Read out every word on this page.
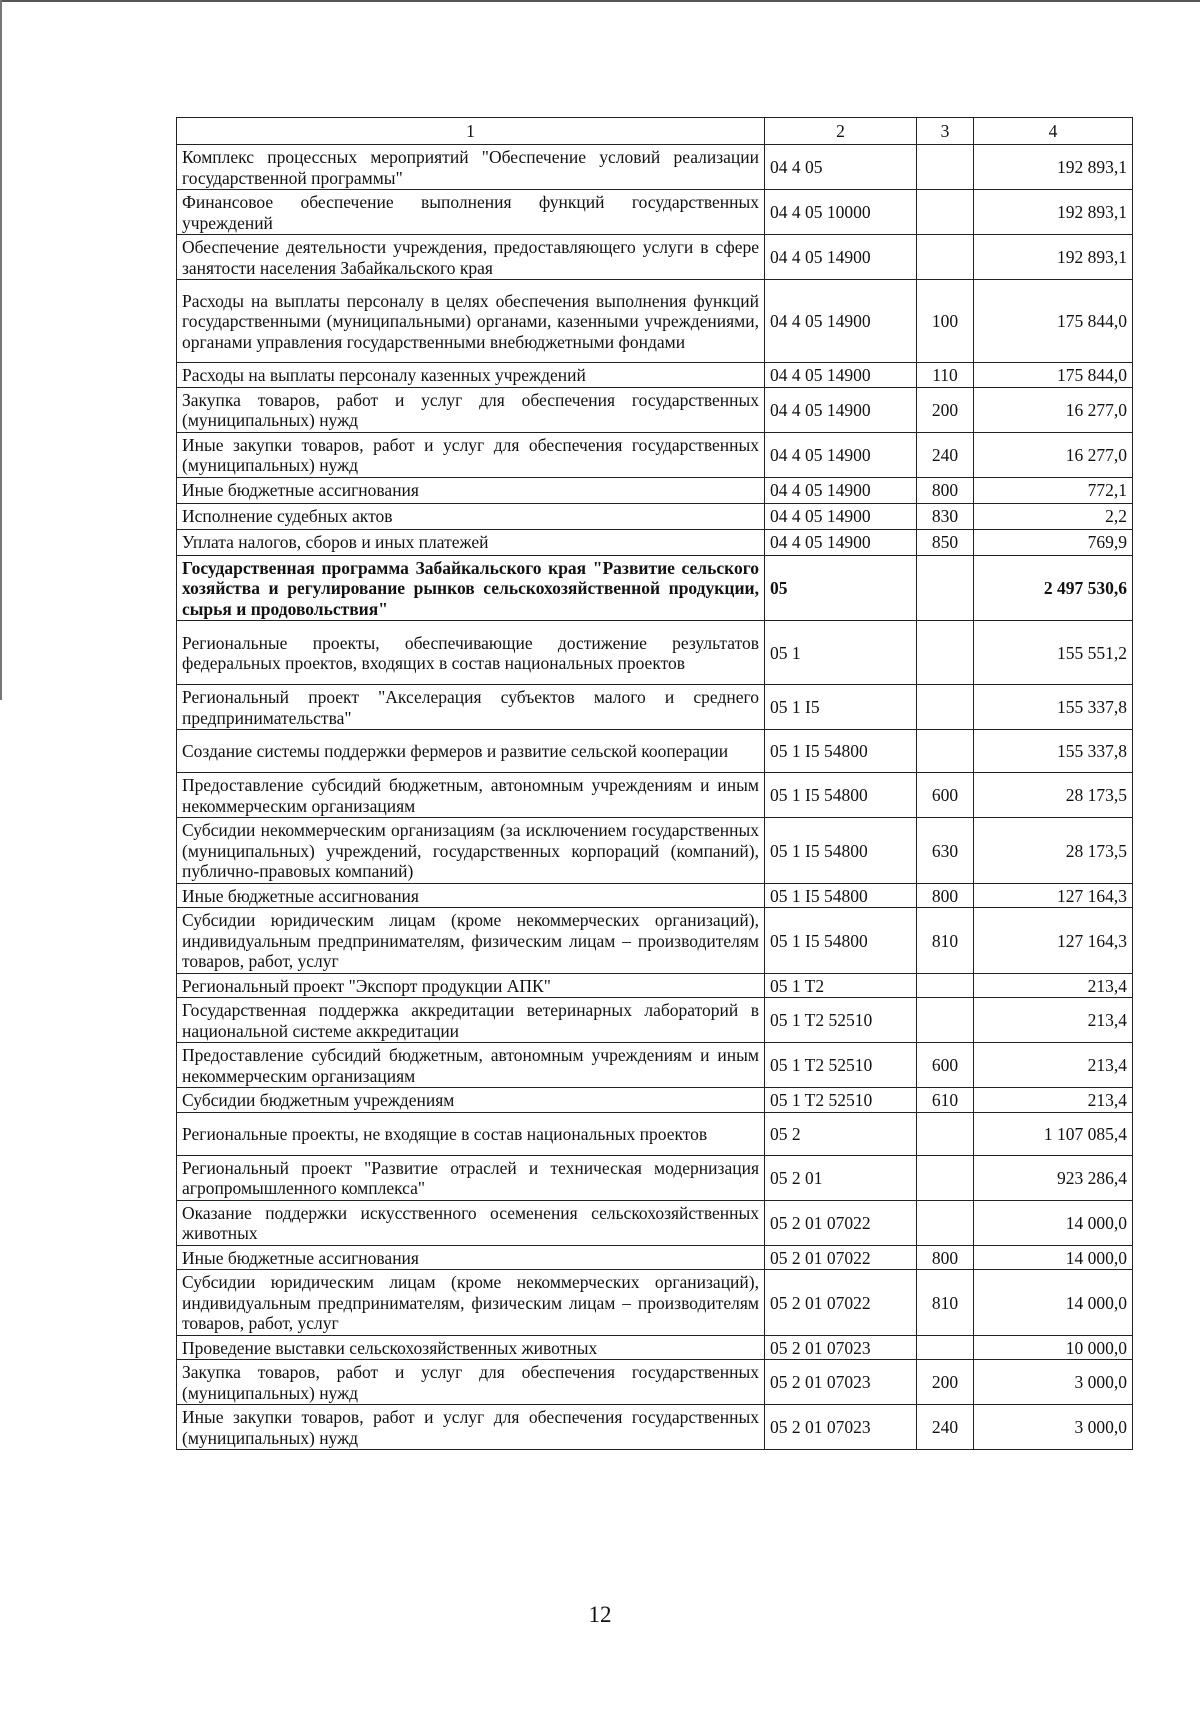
1	2	3	4
Комплекс процессных мероприятий "Обеспечение условий реализации государственной программы"	04 4 05		192 893,1
Финансовое обеспечение выполнения функций государственных учреждений	04 4 05 10000		192 893,1
Обеспечение деятельности учреждения, предоставляющего услуги в сфере занятости населения Забайкальского края	04 4 05 14900		192 893,1
Расходы на выплаты персоналу в целях обеспечения выполнения функций государственными (муниципальными) органами, казенными учреждениями, органами управления государственными внебюджетными фондами	04 4 05 14900	100	175 844,0
Расходы на выплаты персоналу казенных учреждений	04 4 05 14900	110	175 844,0
Закупка товаров, работ и услуг для обеспечения государственных (муниципальных) нужд	04 4 05 14900	200	16 277,0
Иные закупки товаров, работ и услуг для обеспечения государственных (муниципальных) нужд	04 4 05 14900	240	16 277,0
Иные бюджетные ассигнования	04 4 05 14900	800	772,1
Исполнение судебных актов	04 4 05 14900	830	2,2
Уплата налогов, сборов и иных платежей	04 4 05 14900	850	769,9
Государственная программа Забайкальского края "Развитие сельского хозяйства и регулирование рынков сельскохозяйственной продукции, сырья и продовольствия"	05		2 497 530,6
Региональные проекты, обеспечивающие достижение результатов федеральных проектов, входящих в состав национальных проектов	05 1		155 551,2
Региональный проект "Акселерация субъектов малого и среднего предпринимательства"	05 1 I5		155 337,8
Создание системы поддержки фермеров и развитие сельской кооперации	05 1 I5 54800		155 337,8
Предоставление субсидий бюджетным, автономным учреждениям и иным некоммерческим организациям	05 1 I5 54800	600	28 173,5
Субсидии некоммерческим организациям (за исключением государственных (муниципальных) учреждений, государственных корпораций (компаний), публично-правовых компаний)	05 1 I5 54800	630	28 173,5
Иные бюджетные ассигнования	05 1 I5 54800	800	127 164,3
Субсидии юридическим лицам (кроме некоммерческих организаций), индивидуальным предпринимателям, физическим лицам – производителям товаров, работ, услуг	05 1 I5 54800	810	127 164,3
Региональный проект "Экспорт продукции АПК"	05 1 T2		213,4
Государственная поддержка аккредитации ветеринарных лабораторий в национальной системе аккредитации	05 1 T2 52510		213,4
Предоставление субсидий бюджетным, автономным учреждениям и иным некоммерческим организациям	05 1 T2 52510	600	213,4
Субсидии бюджетным учреждениям	05 1 T2 52510	610	213,4
Региональные проекты, не входящие в состав национальных проектов	05 2		1 107 085,4
Региональный проект "Развитие отраслей и техническая модернизация агропромышленного комплекса"	05 2 01		923 286,4
Оказание поддержки искусственного осеменения сельскохозяйственных животных	05 2 01 07022		14 000,0
Иные бюджетные ассигнования	05 2 01 07022	800	14 000,0
Субсидии юридическим лицам (кроме некоммерческих организаций), индивидуальным предпринимателям, физическим лицам – производителям товаров, работ, услуг	05 2 01 07022	810	14 000,0
Проведение выставки сельскохозяйственных животных	05 2 01 07023		10 000,0
Закупка товаров, работ и услуг для обеспечения государственных (муниципальных) нужд	05 2 01 07023	200	3 000,0
Иные закупки товаров, работ и услуг для обеспечения государственных (муниципальных) нужд	05 2 01 07023	240	3 000,0
12
